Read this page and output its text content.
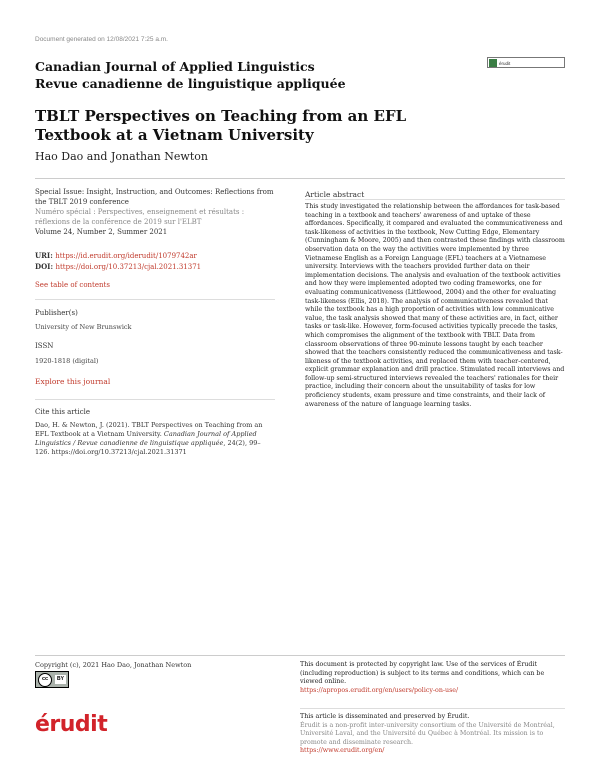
Document generated on 12/08/2021 7:25 a.m.
Canadian Journal of Applied Linguistics
Revue canadienne de linguistique appliquée
érudit
TBLT Perspectives on Teaching from an EFL Textbook at a Vietnam University
Hao Dao and Jonathan Newton
Special Issue: Insight, Instruction, and Outcomes: Reflections from the TBLT 2019 conference
Numéro spécial : Perspectives, enseignement et résultats : réflexions de la conférence de 2019 sur l'ELBT
Volume 24, Number 2, Summer 2021
URI: https://id.erudit.org/iderudit/1079742ar
DOI: https://doi.org/10.37213/cjal.2021.31371
See table of contents
Publisher(s)
University of New Brunswick
ISSN
1920-1818 (digital)
Explore this journal
Cite this article
Dao, H. & Newton, J. (2021). TBLT Perspectives on Teaching from an EFL Textbook at a Vietnam University. Canadian Journal of Applied Linguistics / Revue canadienne de linguistique appliquée, 24(2), 99–126. https://doi.org/10.37213/cjal.2021.31371
Article abstract
This study investigated the relationship between the affordances for task-based teaching in a textbook and teachers' awareness of and uptake of these affordances. Specifically, it compared and evaluated the communicativeness and task-likeness of activities in the textbook, New Cutting Edge, Elementary (Cunningham & Moore, 2005) and then contrasted these findings with classroom observation data on the way the activities were implemented by three Vietnamese English as a Foreign Language (EFL) teachers at a Vietnamese university. Interviews with the teachers provided further data on their implementation decisions. The analysis and evaluation of the textbook activities and how they were implemented adopted two coding frameworks, one for evaluating communicativeness (Littlewood, 2004) and the other for evaluating task-likeness (Ellis, 2018). The analysis of communicativeness revealed that while the textbook has a high proportion of activities with low communicative value, the task analysis showed that many of these activities are, in fact, either tasks or task-like. However, form-focused activities typically precede the tasks, which compromises the alignment of the textbook with TBLT. Data from classroom observations of three 90-minute lessons taught by each teacher showed that the teachers consistently reduced the communicativeness and task-likeness of the textbook activities, and replaced them with teacher-centered, explicit grammar explanation and drill practice. Stimulated recall interviews and follow-up semi-structured interviews revealed the teachers' rationales for their practice, including their concern about the unsuitability of tasks for low proficiency students, exam pressure and time constraints, and their lack of awareness of the nature of language learning tasks.
Copyright (c), 2021 Hao Dao, Jonathan Newton
cc	BY
This document is protected by copyright law. Use of the services of Érudit (including reproduction) is subject to its terms and conditions, which can be viewed online.
https://apropos.erudit.org/en/users/policy-on-use/
érudit	This article is disseminated and preserved by Érudit.
Érudit is a non-profit inter-university consortium of the Université de Montréal, Université Laval, and the Université du Québec à Montréal. Its mission is to promote and disseminate research.
https://www.erudit.org/en/
